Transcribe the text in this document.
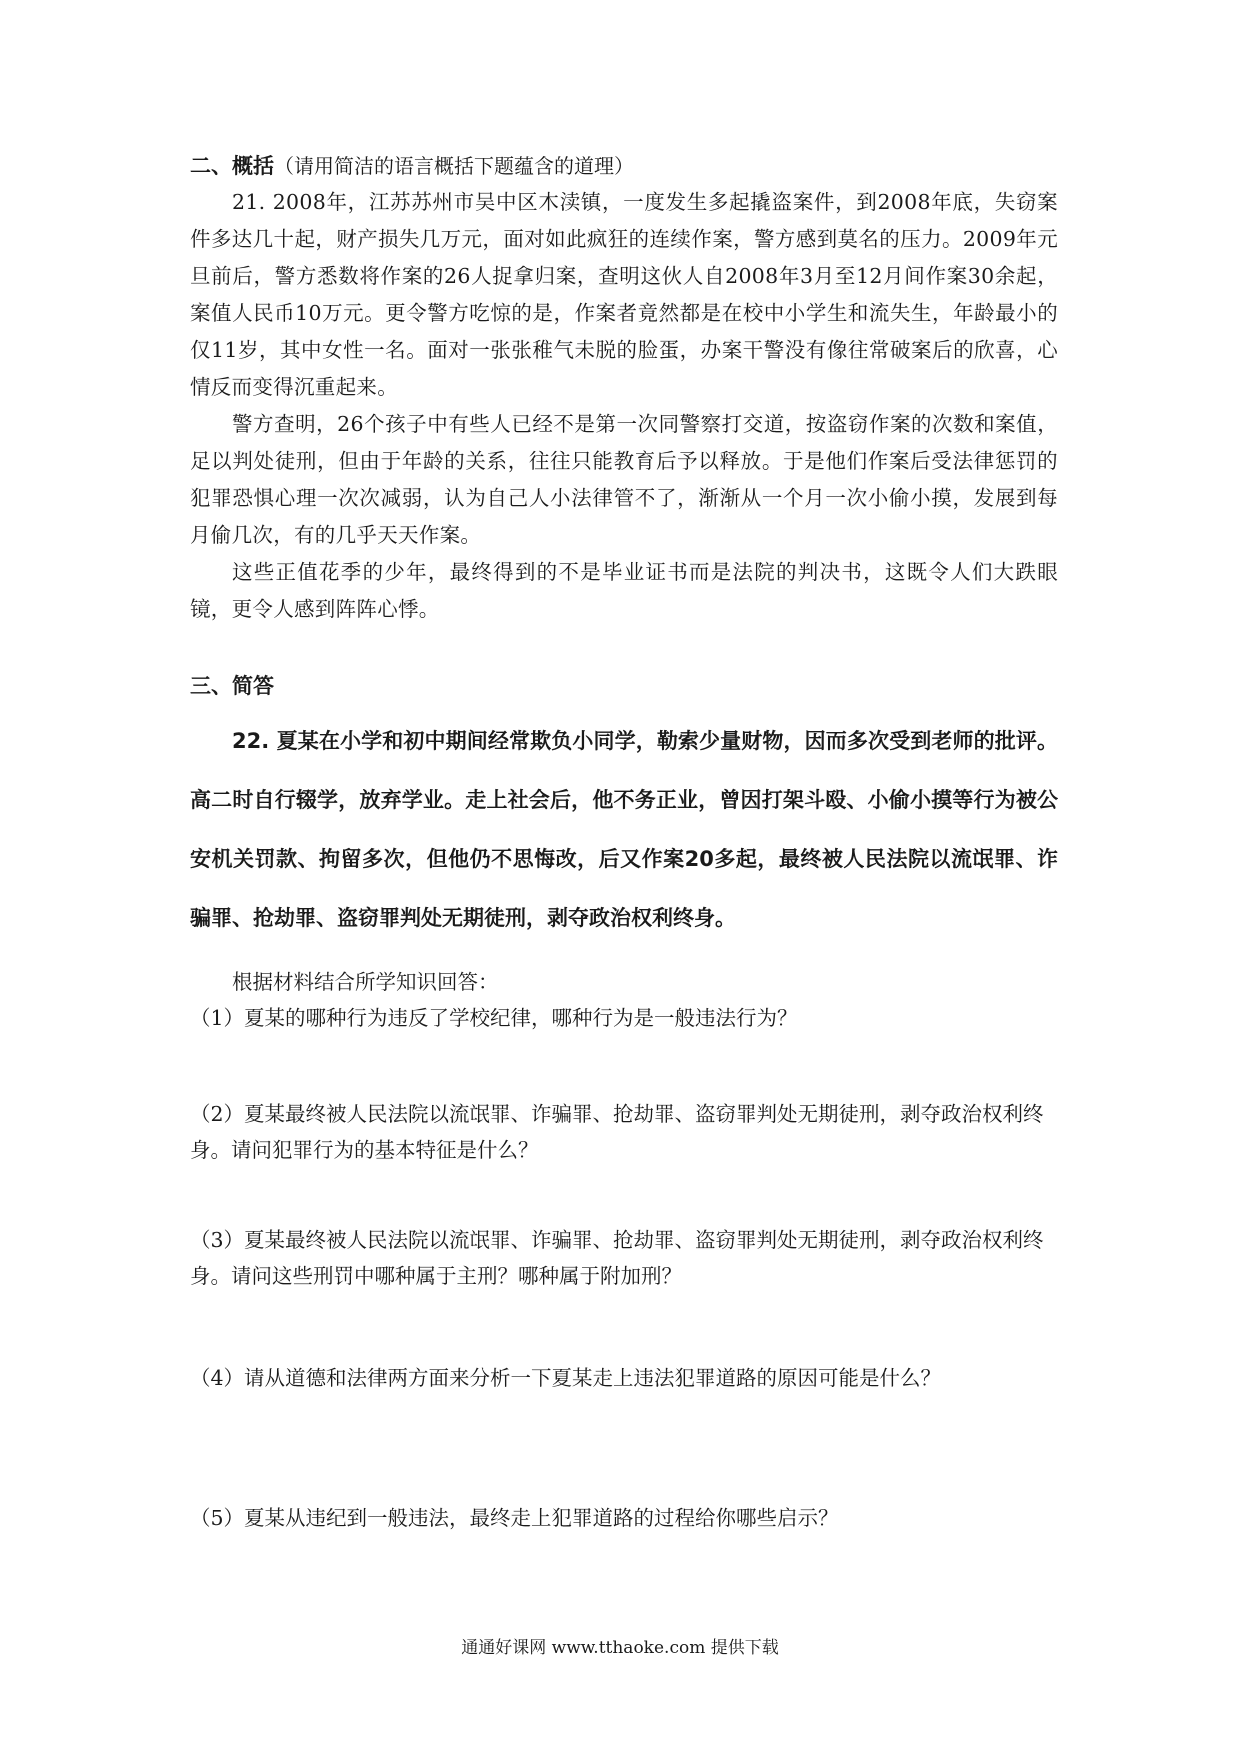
二、概括（请用简洁的语言概括下题蕴含的道理）

21. 2008年，江苏苏州市吴中区木渎镇，一度发生多起撬盗案件，到2008年底，失窃案件多达几十起，财产损失几万元，面对如此疯狂的连续作案，警方感到莫名的压力。2009年元旦前后，警方悉数将作案的26人捉拿归案，查明这伙人自2008年3月至12月间作案30余起，案值人民币10万元。更令警方吃惊的是，作案者竟然都是在校中小学生和流失生，年龄最小的仅11岁，其中女性一名。面对一张张稚气未脱的脸蛋，办案干警没有像往常破案后的欣喜，心情反而变得沉重起来。

警方查明，26个孩子中有些人已经不是第一次同警察打交道，按盗窃作案的次数和案值，足以判处徒刑，但由于年龄的关系，往往只能教育后予以释放。于是他们作案后受法律惩罚的犯罪恐惧心理一次次减弱，认为自己人小法律管不了，渐渐从一个月一次小偷小摸，发展到每月偷几次，有的几乎天天作案。

这些正值花季的少年，最终得到的不是毕业证书而是法院的判决书，这既令人们大跌眼镜，更令人感到阵阵心悸。

三、简答

22. 夏某在小学和初中期间经常欺负小同学，勒索少量财物，因而多次受到老师的批评。高二时自行辍学，放弃学业。走上社会后，他不务正业，曾因打架斗殴、小偷小摸等行为被公安机关罚款、拘留多次，但他仍不思悔改，后又作案20多起，最终被人民法院以流氓罪、诈骗罪、抢劫罪、盗窃罪判处无期徒刑，剥夺政治权利终身。

根据材料结合所学知识回答：

（1）夏某的哪种行为违反了学校纪律，哪种行为是一般违法行为？

（2）夏某最终被人民法院以流氓罪、诈骗罪、抢劫罪、盗窃罪判处无期徒刑，剥夺政治权利终身。请问犯罪行为的基本特征是什么？

（3）夏某最终被人民法院以流氓罪、诈骗罪、抢劫罪、盗窃罪判处无期徒刑，剥夺政治权利终身。请问这些刑罚中哪种属于主刑？哪种属于附加刑？

（4）请从道德和法律两方面来分析一下夏某走上违法犯罪道路的原因可能是什么？

（5）夏某从违纪到一般违法，最终走上犯罪道路的过程给你哪些启示？

通通好课网 www.tthaoke.com 提供下载
